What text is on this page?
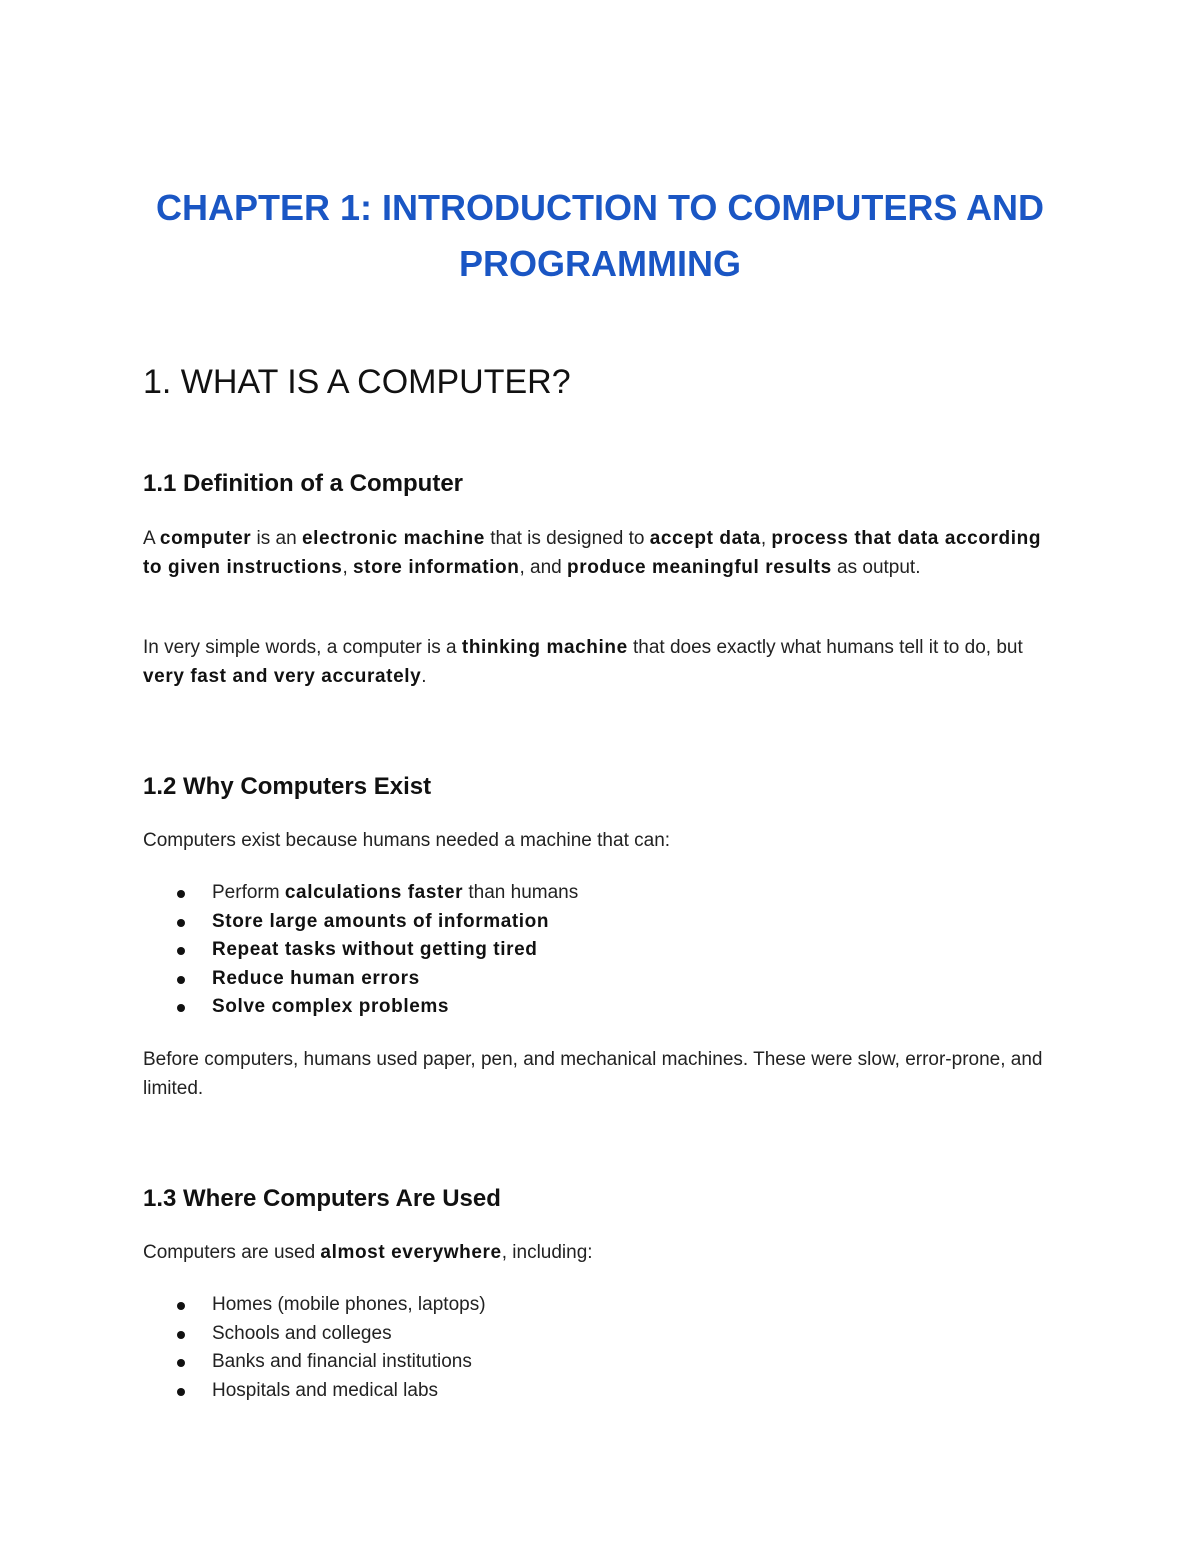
CHAPTER 1: INTRODUCTION TO COMPUTERS AND
PROGRAMMING
1. WHAT IS A COMPUTER?
1.1 Definition of a Computer

A computer is an electronic machine that is designed to accept data, process that data according to given instructions, store information, and produce meaningful results as output.

In very simple words, a computer is a thinking machine that does exactly what humans tell it to do, but very fast and very accurately.

1.2 Why Computers Exist

Computers exist because humans needed a machine that can:

Perform calculations faster than humans
Store large amounts of information
Repeat tasks without getting tired
Reduce human errors
Solve complex problems

Before computers, humans used paper, pen, and mechanical machines. These were slow, error-prone, and limited.

1.3 Where Computers Are Used

Computers are used almost everywhere, including:

Homes (mobile phones, laptops)
Schools and colleges
Banks and financial institutions
Hospitals and medical labs
